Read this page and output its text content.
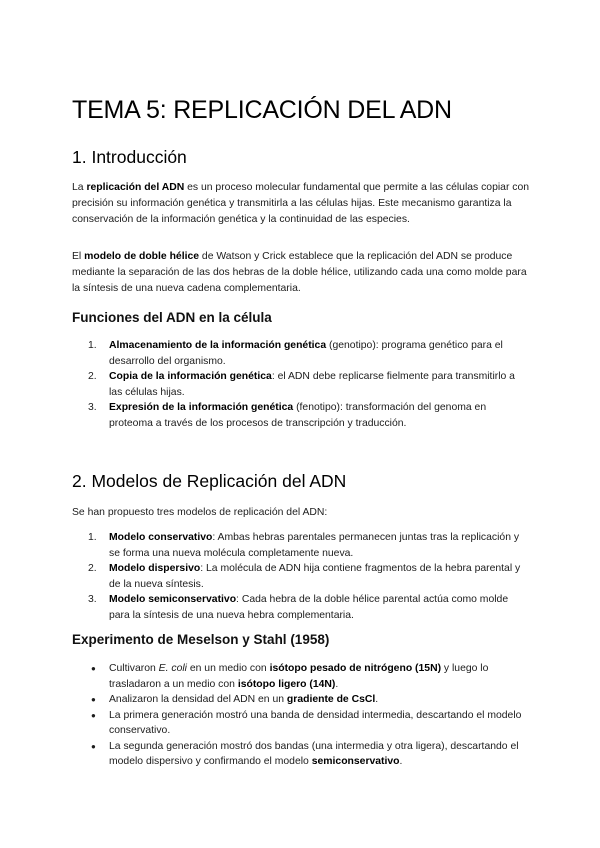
TEMA 5: REPLICACIÓN DEL ADN
1. Introducción

La replicación del ADN es un proceso molecular fundamental que permite a las células copiar con precisión su información genética y transmitirla a las células hijas. Este mecanismo garantiza la conservación de la información genética y la continuidad de las especies.

El modelo de doble hélice de Watson y Crick establece que la replicación del ADN se produce mediante la separación de las dos hebras de la doble hélice, utilizando cada una como molde para la síntesis de una nueva cadena complementaria.

Funciones del ADN en la célula
1. Almacenamiento de la información genética (genotipo): programa genético para el desarrollo del organismo.
2. Copia de la información genética: el ADN debe replicarse fielmente para transmitirlo a las células hijas.
3. Expresión de la información genética (fenotipo): transformación del genoma en proteoma a través de los procesos de transcripción y traducción.
2. Modelos de Replicación del ADN

Se han propuesto tres modelos de replicación del ADN:

1. Modelo conservativo: Ambas hebras parentales permanecen juntas tras la replicación y se forma una nueva molécula completamente nueva.
2. Modelo dispersivo: La molécula de ADN hija contiene fragmentos de la hebra parental y de la nueva síntesis.
3. Modelo semiconservativo: Cada hebra de la doble hélice parental actúa como molde para la síntesis de una nueva hebra complementaria.
Experimento de Meselson y Stahl (1958)
● Cultivaron E. coli en un medio con isótopo pesado de nitrógeno (15N) y luego lo trasladaron a un medio con isótopo ligero (14N).
● Analizaron la densidad del ADN en un gradiente de CsCl.
● La primera generación mostró una banda de densidad intermedia, descartando el modelo conservativo.
● La segunda generación mostró dos bandas (una intermedia y otra ligera), descartando el modelo dispersivo y confirmando el modelo semiconservativo.
